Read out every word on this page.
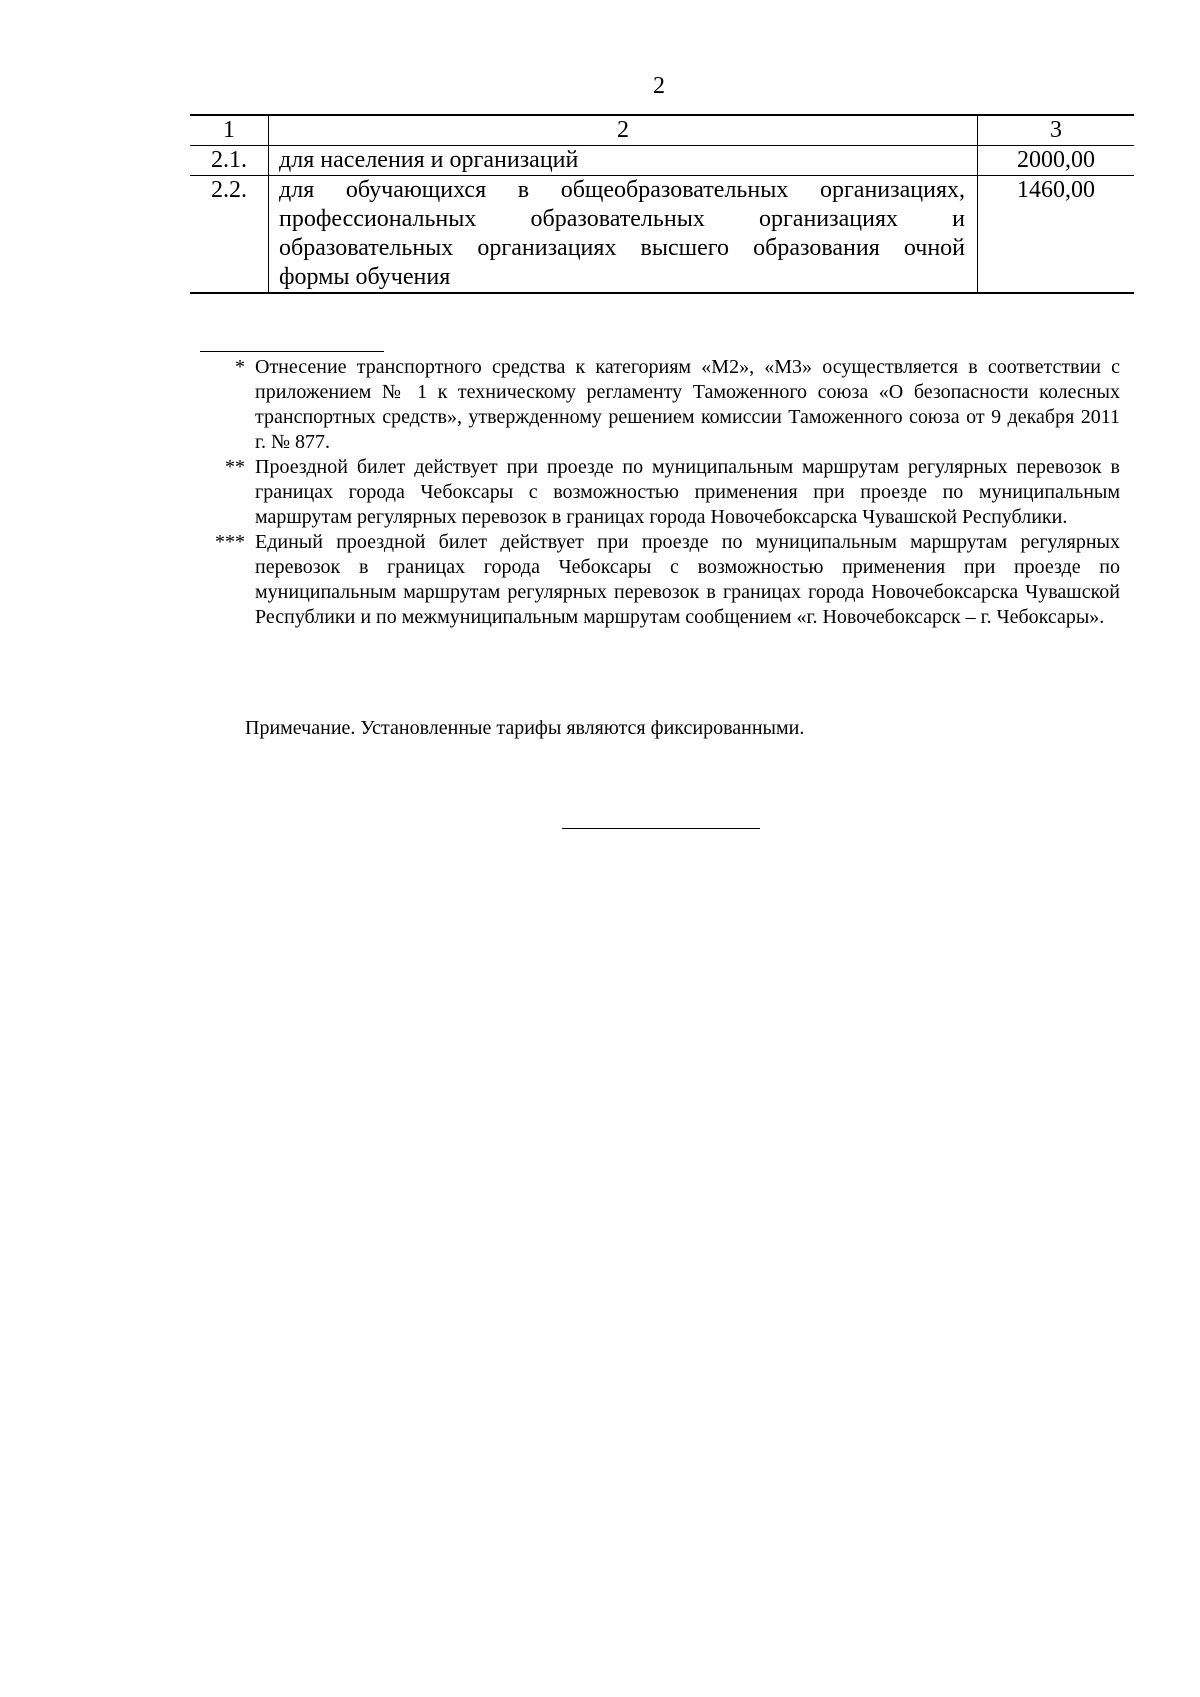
2
1	2	3
2.1.	для населения и организаций	2000,00
2.2.	для обучающихся в общеобразовательных организациях, профессиональных образовательных организациях и образовательных организациях высшего образования очной формы обучения	1460,00
* Отнесение транспортного средства к категориям «М2», «М3» осуществляется в соответствии с приложением № 1 к техническому регламенту Таможенного союза «О безопасности колесных транспортных средств», утвержденному решением комиссии Таможенного союза от 9 декабря 2011 г. № 877.
** Проездной билет действует при проезде по муниципальным маршрутам регулярных перевозок в границах города Чебоксары с возможностью применения при проезде по муниципальным маршрутам регулярных перевозок в границах города Новочебоксарска Чувашской Республики.
*** Единый проездной билет действует при проезде по муниципальным маршрутам регулярных перевозок в границах города Чебоксары с возможностью применения при проезде по муниципальным маршрутам регулярных перевозок в границах города Новочебоксарска Чувашской Республики и по межмуниципальным маршрутам сообщением «г. Новочебоксарск – г. Чебоксары».
Примечание. Установленные тарифы являются фиксированными.
